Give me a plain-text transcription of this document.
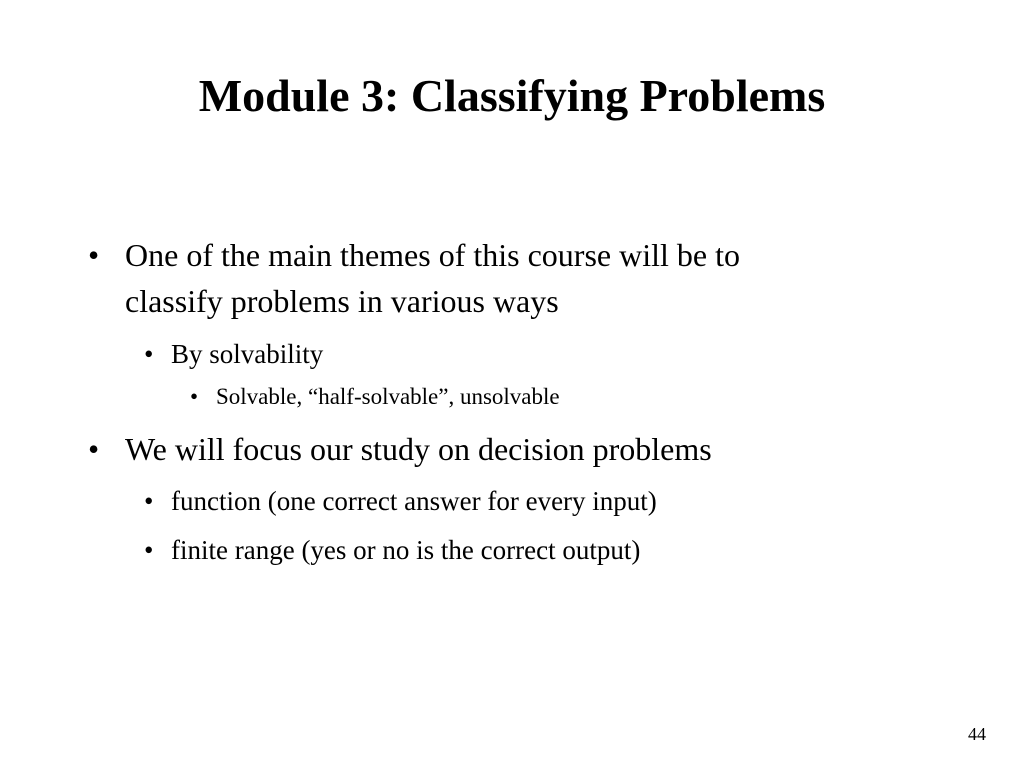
Module 3: Classifying Problems
• One of the main themes of this course will be to
classify problems in various ways
• By solvability
• Solvable, “half-solvable”, unsolvable
• We will focus our study on decision problems
• function (one correct answer for every input)
• finite range (yes or no is the correct output)
44
